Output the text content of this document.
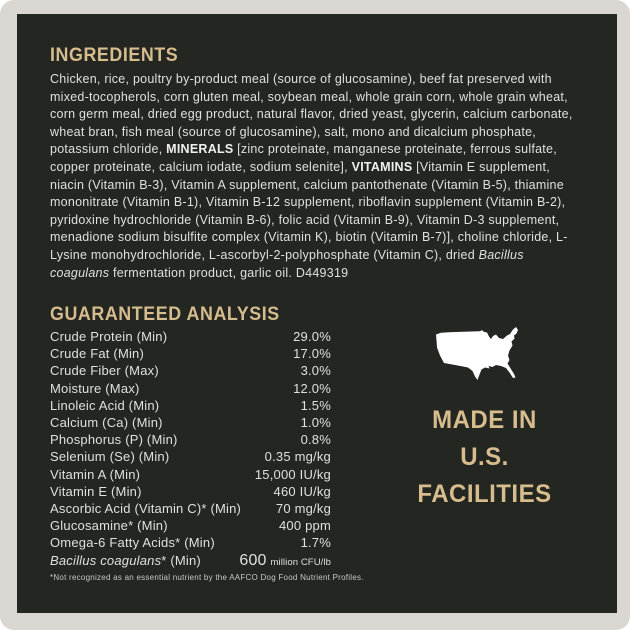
INGREDIENTS
Chicken, rice, poultry by-product meal (source of glucosamine), beef fat preserved with mixed-tocopherols, corn gluten meal, soybean meal, whole grain corn, whole grain wheat, corn germ meal, dried egg product, natural flavor, dried yeast, glycerin, calcium carbonate, wheat bran, fish meal (source of glucosamine), salt, mono and dicalcium phosphate, potassium chloride, MINERALS [zinc proteinate, manganese proteinate, ferrous sulfate, copper proteinate, calcium iodate, sodium selenite], VITAMINS [Vitamin E supplement, niacin (Vitamin B-3), Vitamin A supplement, calcium pantothenate (Vitamin B-5), thiamine mononitrate (Vitamin B-1), Vitamin B-12 supplement, riboflavin supplement (Vitamin B-2), pyridoxine hydrochloride (Vitamin B-6), folic acid (Vitamin B-9), Vitamin D-3 supplement, menadione sodium bisulfite complex (Vitamin K), biotin (Vitamin B-7)], choline chloride, L-Lysine monohydrochloride, L-ascorbyl-2-polyphosphate (Vitamin C), dried Bacillus coagulans fermentation product, garlic oil. D449319
GUARANTEED ANALYSIS
Crude Protein (Min)	29.0%
Crude Fat (Min)	17.0%
Crude Fiber (Max)	3.0%
Moisture (Max)	12.0%
Linoleic Acid (Min)	1.5%
Calcium (Ca) (Min)	1.0%
Phosphorus (P) (Min)	0.8%
Selenium (Se) (Min)	0.35 mg/kg
Vitamin A (Min)	15,000 IU/kg
Vitamin E (Min)	460 IU/kg
Ascorbic Acid (Vitamin C)* (Min)	70 mg/kg
Glucosamine* (Min)	400 ppm
Omega-6 Fatty Acids* (Min)	1.7%
Bacillus coagulans* (Min) 600 million CFU/lb
*Not recognized as an essential nutrient by the AAFCO Dog Food Nutrient Profiles.
MADE IN
U.S.
FACILITIES
